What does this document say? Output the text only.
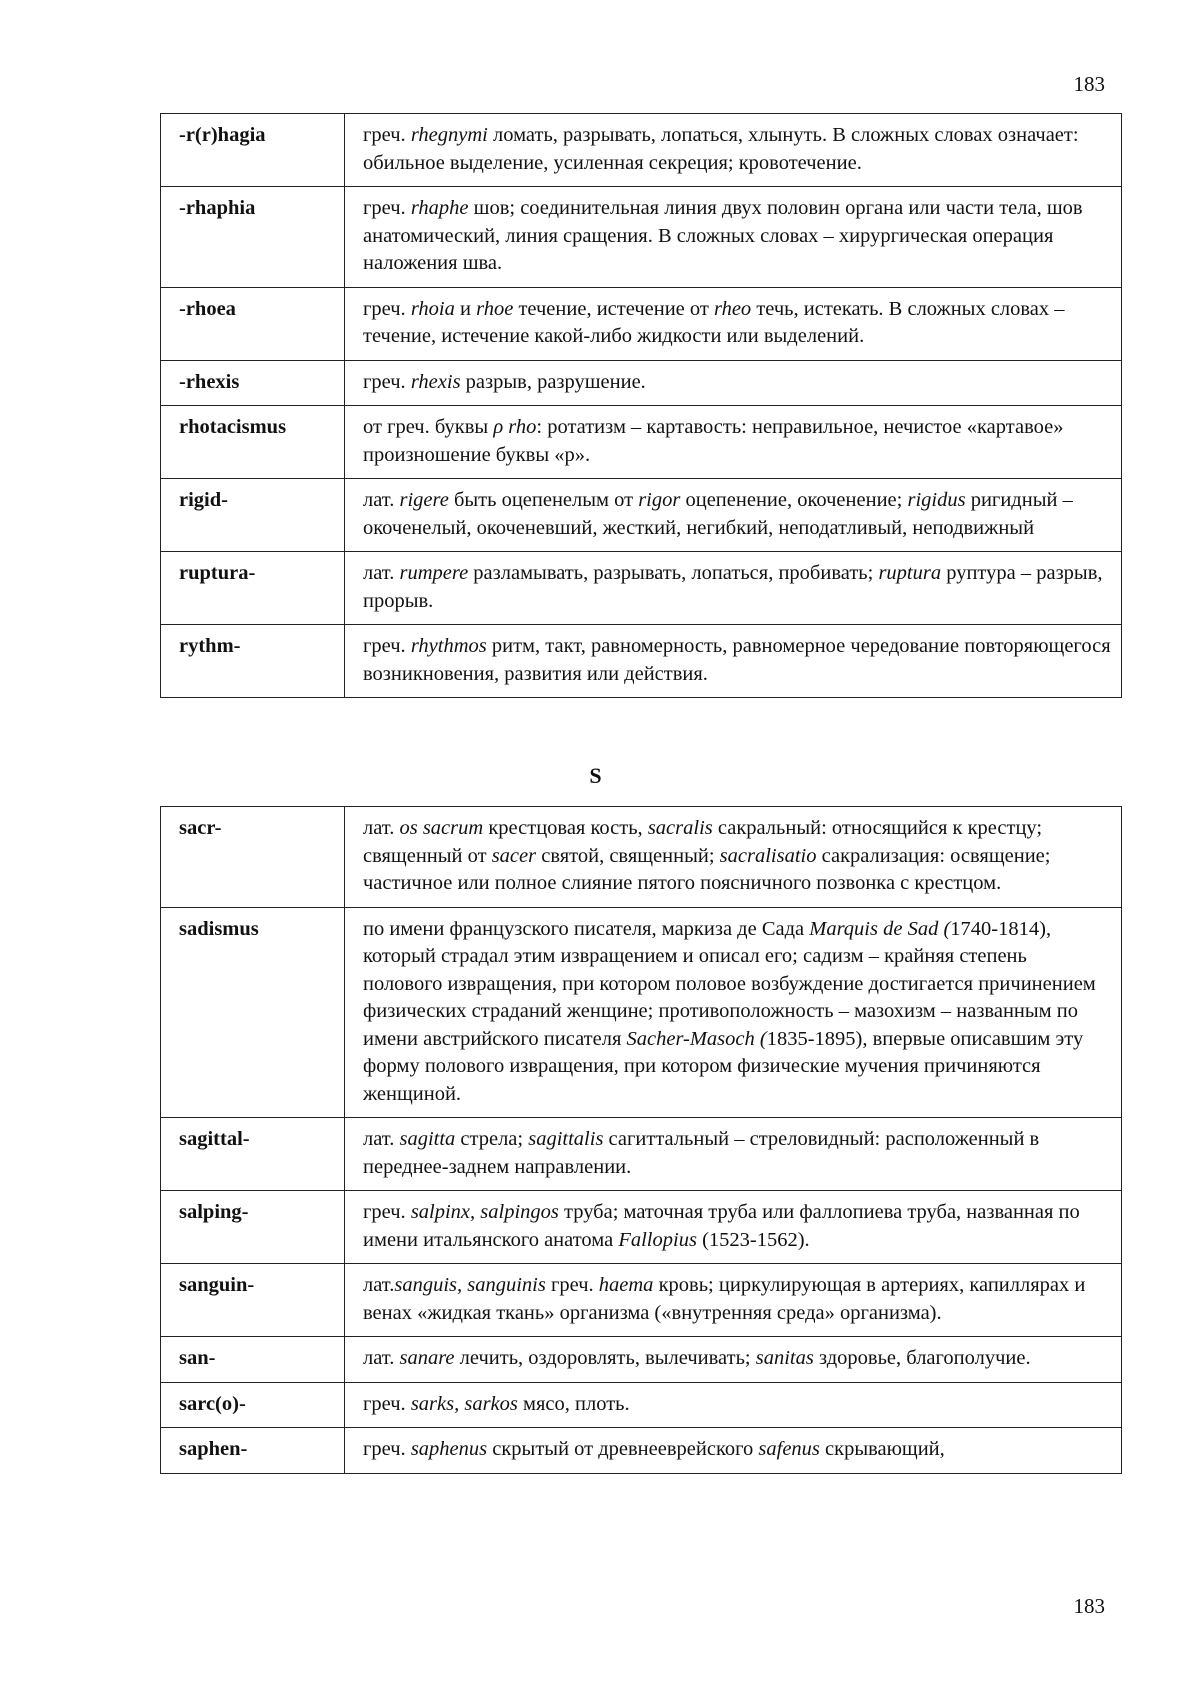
183
-r(r)hagia	греч. rhegnymi ломать, разрывать, лопаться, хлынуть. В сложных словах означает: обильное выделение, усиленная секреция; кровотечение.
-rhaphia	греч. rhaphe шов; соединительная линия двух половин органа или части тела, шов анатомический, линия сращения. В сложных словах – хирургическая операция наложения шва.
-rhoea	греч. rhoia и rhoe течение, истечение от rheo течь, истекать. В сложных словах – течение, истечение какой-либо жидкости или выделений.
-rhexis	греч. rhexis разрыв, разрушение.
rhotacismus	от греч. буквы ρ rho: ротатизм – картавость: неправильное, нечистое «картавое» произношение буквы «р».
rigid-	лат. rigere быть оцепенелым от rigor оцепенение, окоченение; rigidus ригидный – окоченелый, окоченевший, жесткий, негибкий, неподатливый, неподвижный
ruptura-	лат. rumpere разламывать, разрывать, лопаться, пробивать; ruptura руптура – разрыв, прорыв.
rythm-	греч. rhythmos ритм, такт, равномерность, равномерное чередование повторяющегося возникновения, развития или действия.
S
sacr-	лат. os sacrum крестцовая кость, sacralis сакральный: относящийся к крестцу; священный от sacer святой, священный; sacralisatio сакрализация: освящение; частичное или полное слияние пятого поясничного позвонка с крестцом.
sadismus	по имени французского писателя, маркиза де Сада Marquis de Sad (1740-1814), который страдал этим извращением и описал его; садизм – крайняя степень полового извращения, при котором половое возбуждение достигается причинением физических страданий женщине; противоположность – мазохизм – названным по имени австрийского писателя Sacher-Masoch (1835-1895), впервые описавшим эту форму полового извращения, при котором физические мучения причиняются женщиной.
sagittal-	лат. sagitta стрела; sagittalis сагиттальный – стреловидный: расположенный в переднее-заднем направлении.
salping-	греч. salpinx, salpingos труба; маточная труба или фаллопиева труба, названная по имени итальянского анатома Fallopius (1523-1562).
sanguin-	лат.sanguis, sanguinis греч. haema кровь; циркулирующая в артериях, капиллярах и венах «жидкая ткань» организма («внутренняя среда» организма).
san-	лат. sanare лечить, оздоровлять, вылечивать; sanitas здоровье, благополучие.
sarc(o)-	греч. sarks, sarkos мясо, плоть.
saphen-	греч. saphenus скрытый от древнееврейского safenus скрывающий,
183
